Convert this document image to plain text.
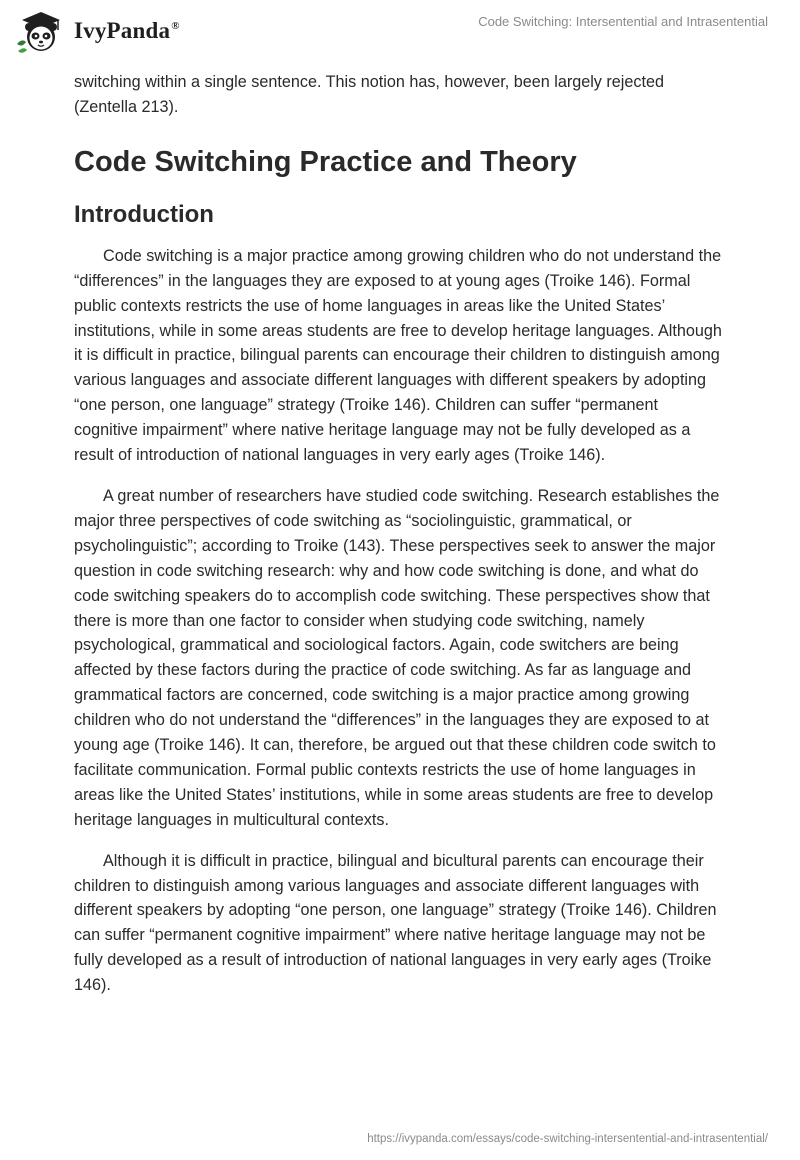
IvyPanda®	Code Switching: Intersentential and Intrasentential

switching within a single sentence. This notion has, however, been largely rejected (Zentella 213).

Code Switching Practice and Theory
Introduction

Code switching is a major practice among growing children who do not understand the “differences” in the languages they are exposed to at young ages (Troike 146). Formal public contexts restricts the use of home languages in areas like the United States’ institutions, while in some areas students are free to develop heritage languages. Although it is difficult in practice, bilingual parents can encourage their children to distinguish among various languages and associate different languages with different speakers by adopting “one person, one language” strategy (Troike 146). Children can suffer “permanent cognitive impairment” where native heritage language may not be fully developed as a result of introduction of national languages in very early ages (Troike 146).

A great number of researchers have studied code switching. Research establishes the major three perspectives of code switching as “sociolinguistic, grammatical, or psycholinguistic”; according to Troike (143). These perspectives seek to answer the major question in code switching research: why and how code switching is done, and what do code switching speakers do to accomplish code switching. These perspectives show that there is more than one factor to consider when studying code switching, namely psychological, grammatical and sociological factors. Again, code switchers are being affected by these factors during the practice of code switching. As far as language and grammatical factors are concerned, code switching is a major practice among growing children who do not understand the “differences” in the languages they are exposed to at young age (Troike 146). It can, therefore, be argued out that these children code switch to facilitate communication. Formal public contexts restricts the use of home languages in areas like the United States’ institutions, while in some areas students are free to develop heritage languages in multicultural contexts.

Although it is difficult in practice, bilingual and bicultural parents can encourage their children to distinguish among various languages and associate different languages with different speakers by adopting “one person, one language” strategy (Troike 146). Children can suffer “permanent cognitive impairment” where native heritage language may not be fully developed as a result of introduction of national languages in very early ages (Troike 146).

https://ivypanda.com/essays/code-switching-intersentential-and-intrasentential/
